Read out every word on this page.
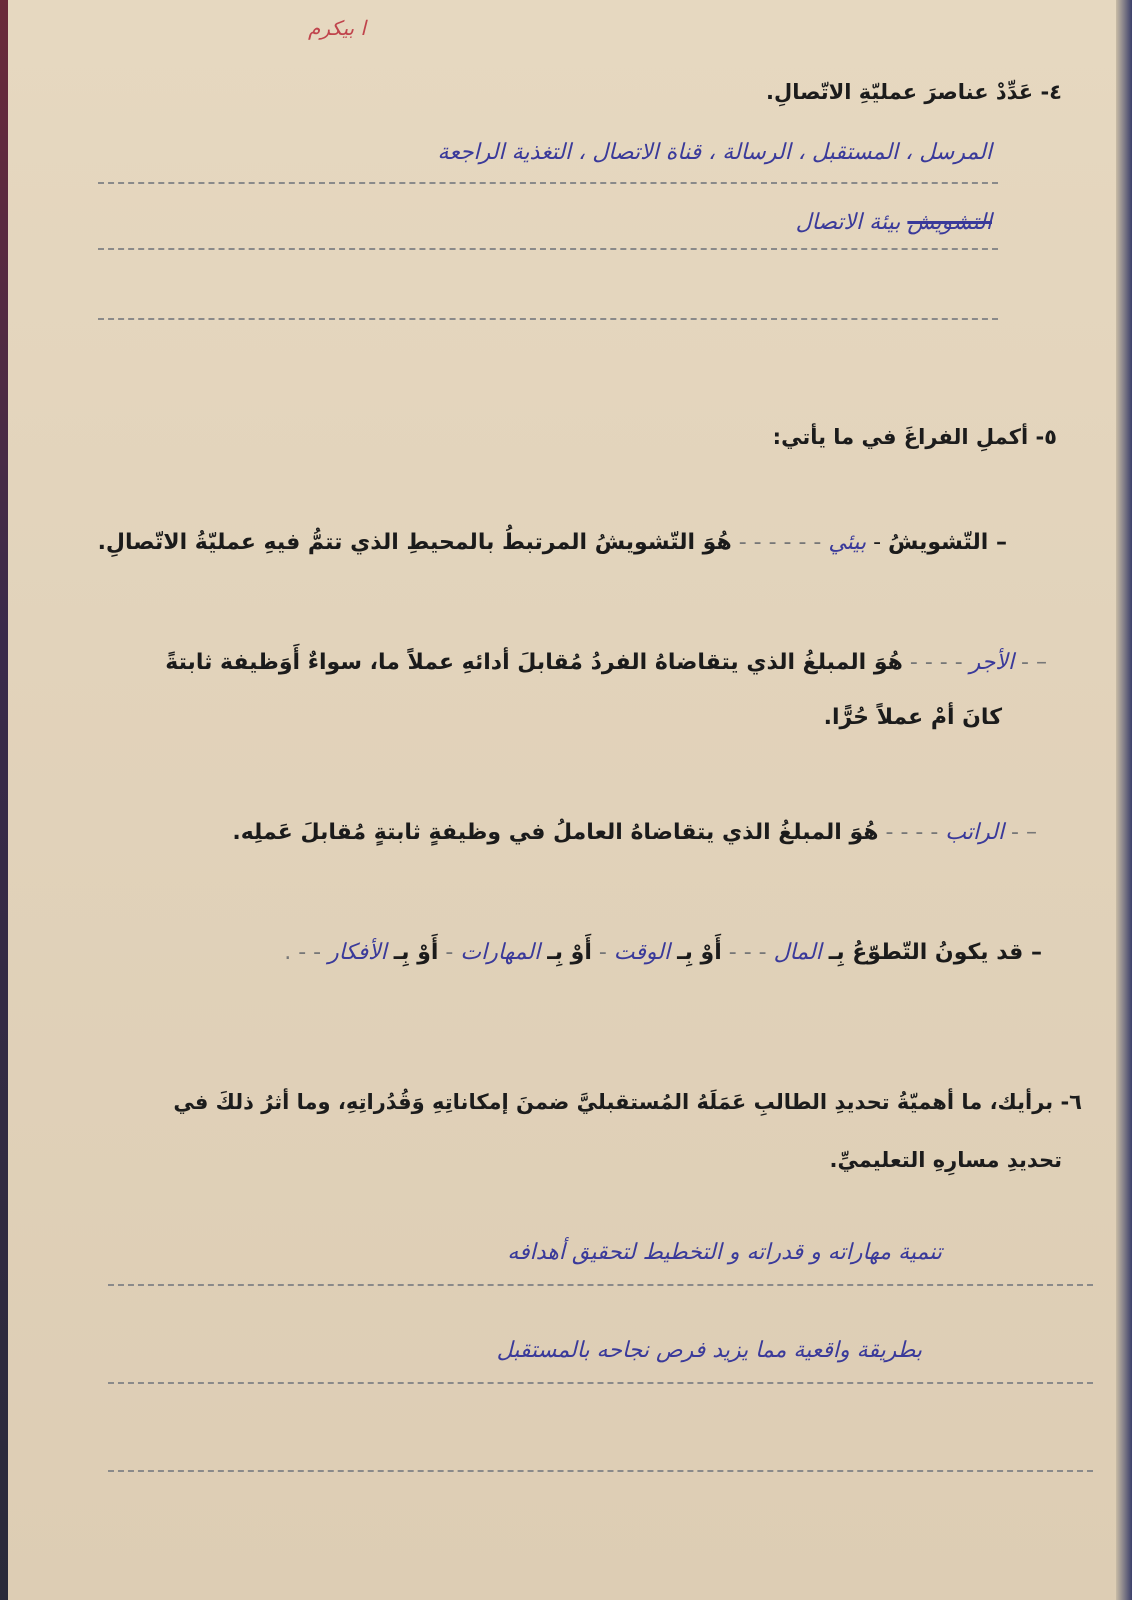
ا بيكرم
٤- عَدِّدْ عناصرَ عمليّةِ الاتّصالِ.
المرسل ، المستقبل ، الرسالة ، قناة الاتصال ، التغذية الراجعة
التشويش بيئة الاتصال
٥- أكملِ الفراغَ في ما يأتي:
– التّشويشُ - بيئي - - - - - - هُوَ التّشويشُ المرتبطُ بالمحيطِ الذي تتمُّ فيهِ عمليّةُ الاتّصالِ.
– - الأجر - - - - هُوَ المبلغُ الذي يتقاضاهُ الفردُ مُقابلَ أدائهِ عملاً ما، سواءٌ أَوَظيفة ثابتةً
كانَ أمْ عملاً حُرًّا.
– - الراتب - - - - هُوَ المبلغُ الذي يتقاضاهُ العاملُ في وظيفةٍ ثابتةٍ مُقابلَ عَملِه.
– قد يكونُ التّطوّعُ بِـ المال - - - أَوْ بِـ الوقت - أَوْ بِـ المهارات - أَوْ بِـ الأفكار - - .
٦- برأيك، ما أهميّةُ تحديدِ الطالبِ عَمَلَهُ المُستقبليَّ ضمنَ إمكاناتِهِ وَقُدُراتِهِ، وما أثرُ ذلكَ في
تحديدِ مسارِهِ التعليميِّ.
تنمية مهاراته و قدراته و التخطيط لتحقيق أهدافه
بطريقة واقعية مما يزيد فرص نجاحه بالمستقبل
